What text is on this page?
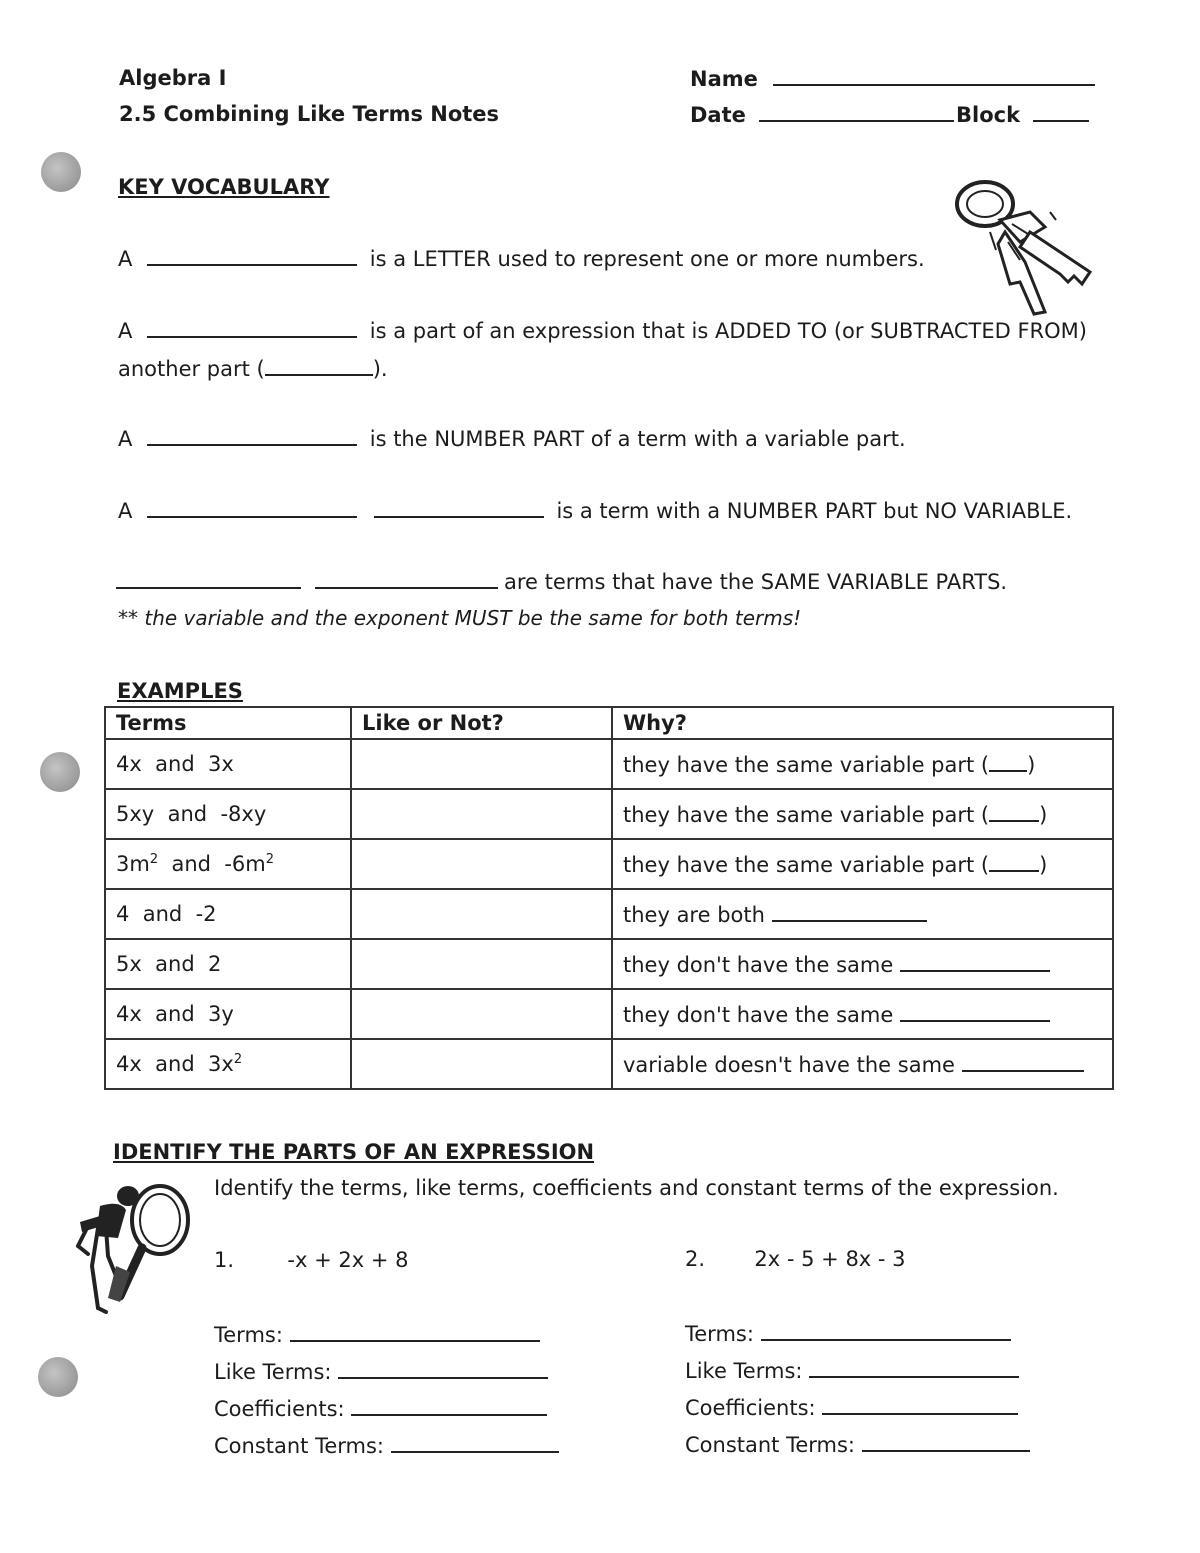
Algebra I
2.5 Combining Like Terms Notes
Name
Date	Block
KEY VOCABULARY
A	is a LETTER used to represent one or more numbers.
A	is a part of an expression that is ADDED TO (or SUBTRACTED FROM)
another part (	).
A	is the NUMBER PART of a term with a variable part.
A	is a term with a NUMBER PART but NO VARIABLE.
are terms that have the SAME VARIABLE PARTS.
** the variable and the exponent MUST be the same for both terms!
EXAMPLES
Terms	Like or Not?	Why?
4x and 3x		they have the same variable part ( )
5xy and -8xy		they have the same variable part ( )
$3m^2$ and $-6m^2$		they have the same variable part ( )
4 and -2		they are both
5x and 2		they don't have the same
4x and 3y		they don't have the same
4x and $3x^2$		variable doesn't have the same
IDENTIFY THE PARTS OF AN EXPRESSION
Identify the terms, like terms, coefficients and constant terms of the expression.
1.	-x + 2x + 8	2. 2x - 5 + 8x - 3
Terms:
Like Terms:
Coefficients:
Constant Terms:
Terms:
Like Terms:
Coefficients:
Constant Terms:
